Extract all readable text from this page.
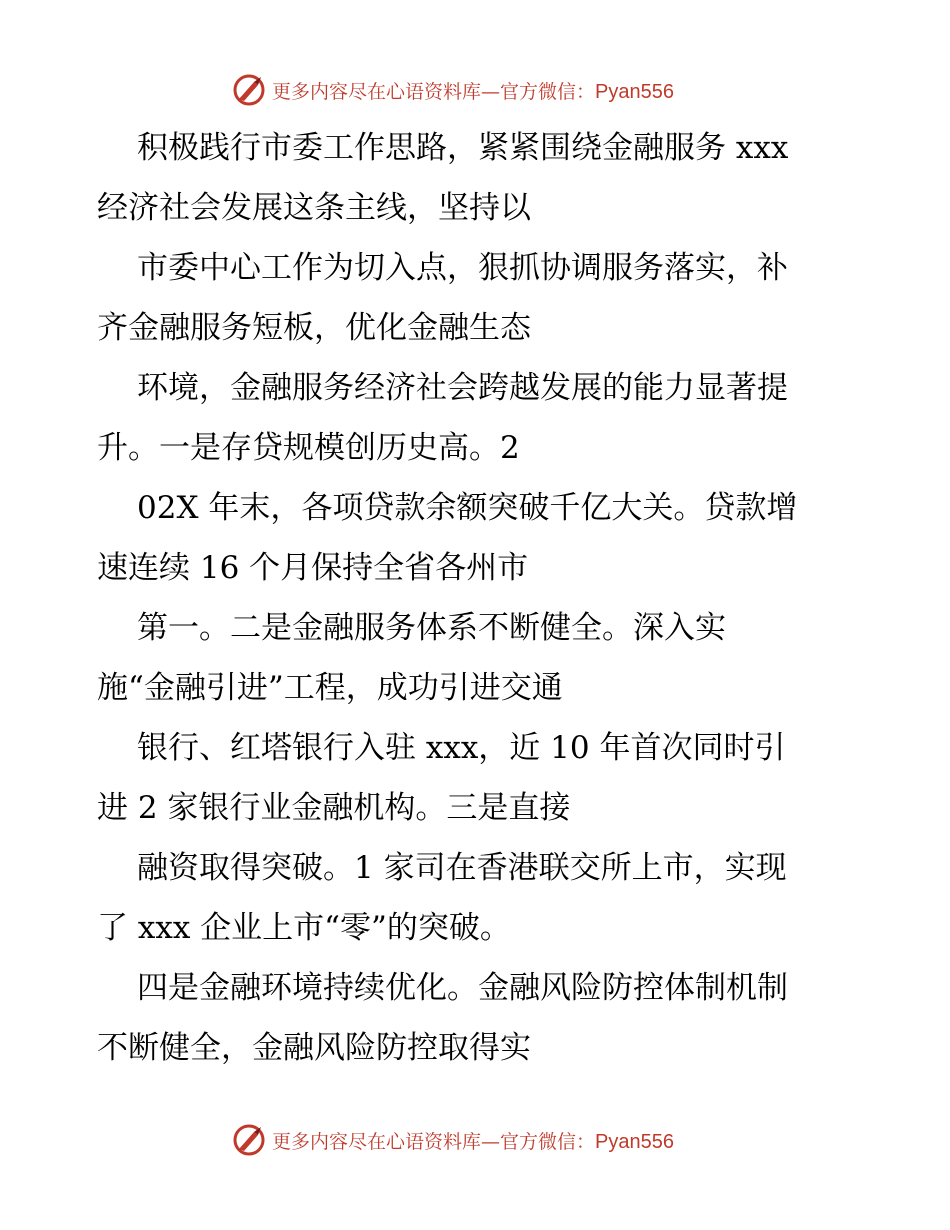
更多内容尽在心语资料库—官方微信：Pyan556
积极践行市委工作思路，紧紧围绕金融服务 xxx
经济社会发展这条主线，坚持以
市委中心工作为切入点，狠抓协调服务落实，补
齐金融服务短板，优化金融生态
环境，金融服务经济社会跨越发展的能力显著提
升。一是存贷规模创历史高。2
02X 年末，各项贷款余额突破千亿大关。贷款增
速连续 16 个月保持全省各州市
第一。二是金融服务体系不断健全。深入实
施“金融引进”工程，成功引进交通
银行、红塔银行入驻 xxx，近 10 年首次同时引
进 2 家银行业金融机构。三是直接
融资取得突破。1 家司在香港联交所上市，实现
了 xxx 企业上市“零”的突破。
四是金融环境持续优化。金融风险防控体制机制
不断健全，金融风险防控取得实
更多内容尽在心语资料库—官方微信：Pyan556
